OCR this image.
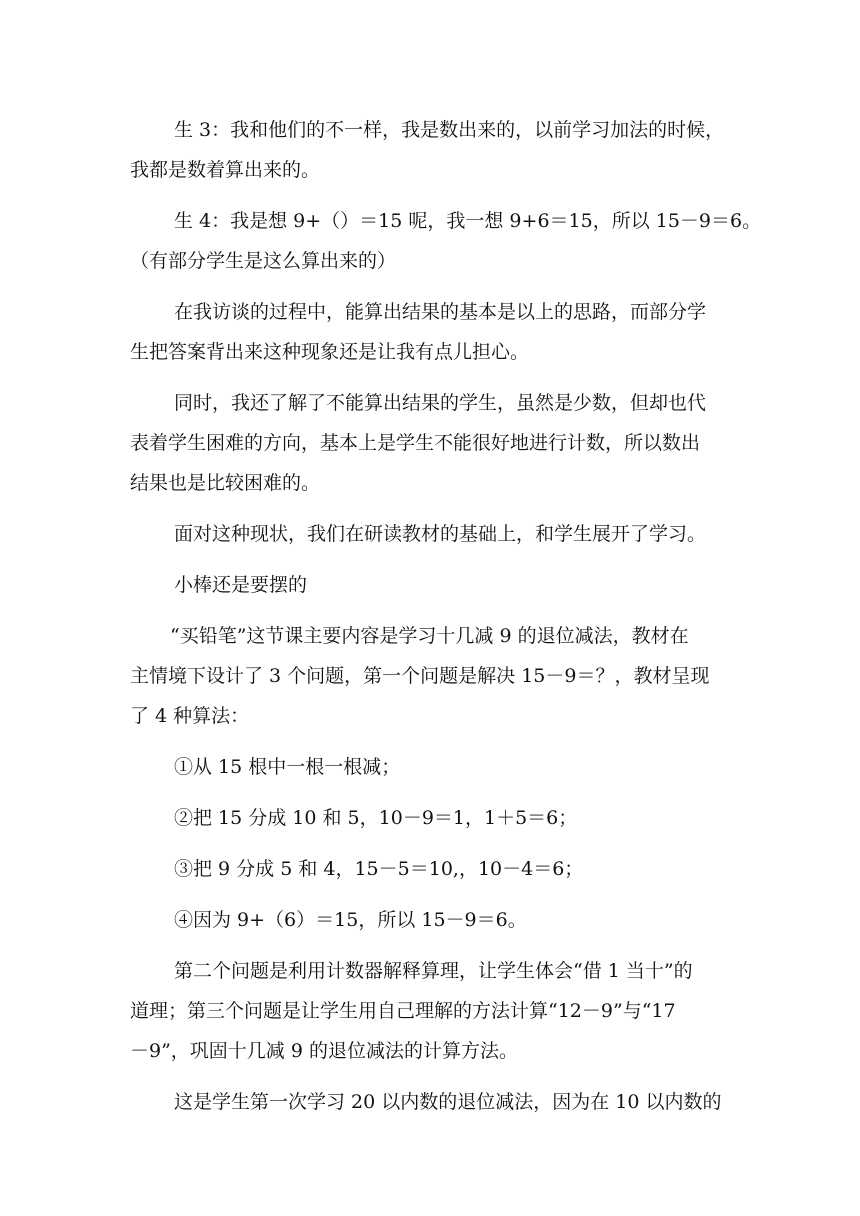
生 3：我和他们的不一样，我是数出来的，以前学习加法的时候，
我都是数着算出来的。
生 4：我是想 9+（）＝15 呢，我一想 9+6＝15，所以 15－9＝6。
（有部分学生是这么算出来的）
在我访谈的过程中，能算出结果的基本是以上的思路，而部分学
生把答案背出来这种现象还是让我有点儿担心。
同时，我还了解了不能算出结果的学生，虽然是少数，但却也代
表着学生困难的方向，基本上是学生不能很好地进行计数，所以数出
结果也是比较困难的。
面对这种现状，我们在研读教材的基础上，和学生展开了学习。
小棒还是要摆的
“买铅笔”这节课主要内容是学习十几减 9 的退位减法，教材在
主情境下设计了 3 个问题，第一个问题是解决 15－9＝？，教材呈现
了 4 种算法：
①从 15 根中一根一根减；
②把 15 分成 10 和 5，10－9＝1，1＋5＝6；
③把 9 分成 5 和 4，15－5＝10,，10－4＝6；
④因为 9+（6）＝15，所以 15－9＝6。
第二个问题是利用计数器解释算理，让学生体会“借 1 当十”的
道理；第三个问题是让学生用自己理解的方法计算“12－9”与“17
－9”，巩固十几减 9 的退位减法的计算方法。
这是学生第一次学习 20 以内数的退位减法，因为在 10 以内数的
